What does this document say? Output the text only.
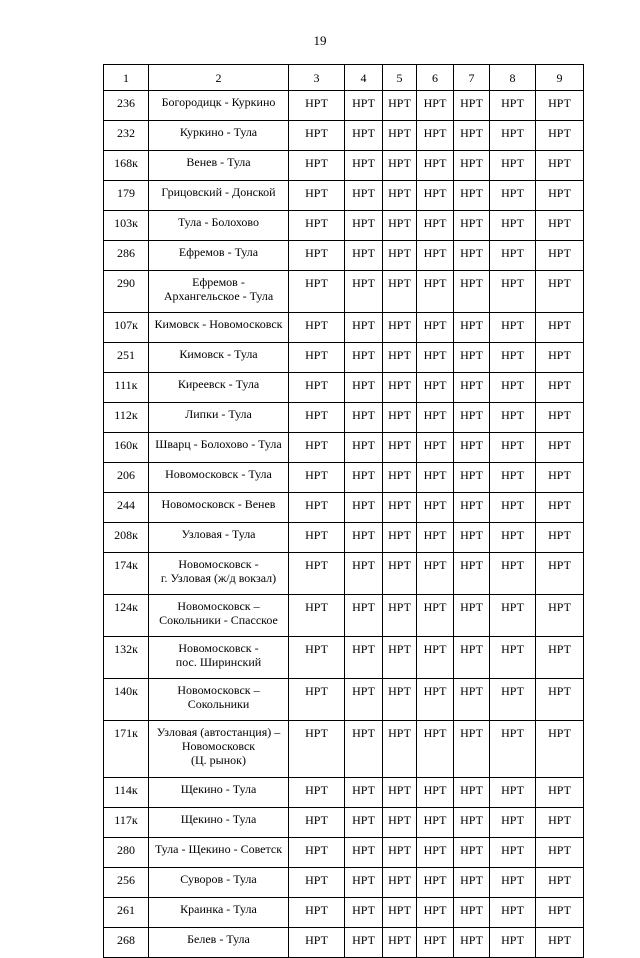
19
1	2	3	4	5	6	7	8	9
236	Богородицк - Куркино	НРТ	НРТ	НРТ	НРТ	НРТ	НРТ	НРТ
232	Куркино - Тула	НРТ	НРТ	НРТ	НРТ	НРТ	НРТ	НРТ
168к	Венев - Тула	НРТ	НРТ	НРТ	НРТ	НРТ	НРТ	НРТ
179	Грицовский - Донской	НРТ	НРТ	НРТ	НРТ	НРТ	НРТ	НРТ
103к	Тула - Болохово	НРТ	НРТ	НРТ	НРТ	НРТ	НРТ	НРТ
286	Ефремов - Тула	НРТ	НРТ	НРТ	НРТ	НРТ	НРТ	НРТ
290	Ефремов -
Архангельское - Тула	НРТ	НРТ	НРТ	НРТ	НРТ	НРТ	НРТ
107к	Кимовск - Новомосковск	НРТ	НРТ	НРТ	НРТ	НРТ	НРТ	НРТ
251	Кимовск - Тула	НРТ	НРТ	НРТ	НРТ	НРТ	НРТ	НРТ
111к	Киреевск - Тула	НРТ	НРТ	НРТ	НРТ	НРТ	НРТ	НРТ
112к	Липки - Тула	НРТ	НРТ	НРТ	НРТ	НРТ	НРТ	НРТ
160к	Шварц - Болохово - Тула	НРТ	НРТ	НРТ	НРТ	НРТ	НРТ	НРТ
206	Новомосковск - Тула	НРТ	НРТ	НРТ	НРТ	НРТ	НРТ	НРТ
244	Новомосковск - Венев	НРТ	НРТ	НРТ	НРТ	НРТ	НРТ	НРТ
208к	Узловая - Тула	НРТ	НРТ	НРТ	НРТ	НРТ	НРТ	НРТ
174к	Новомосковск -
г. Узловая (ж/д вокзал)	НРТ	НРТ	НРТ	НРТ	НРТ	НРТ	НРТ
124к	Новомосковск –
Сокольники - Спасское	НРТ	НРТ	НРТ	НРТ	НРТ	НРТ	НРТ
132к	Новомосковск -
пос. Ширинский	НРТ	НРТ	НРТ	НРТ	НРТ	НРТ	НРТ
140к	Новомосковск –
Сокольники	НРТ	НРТ	НРТ	НРТ	НРТ	НРТ	НРТ
171к	Узловая (автостанция) –
Новомосковск
(Ц. рынок)	НРТ	НРТ	НРТ	НРТ	НРТ	НРТ	НРТ
114к	Щекино - Тула	НРТ	НРТ	НРТ	НРТ	НРТ	НРТ	НРТ
117к	Щекино - Тула	НРТ	НРТ	НРТ	НРТ	НРТ	НРТ	НРТ
280	Тула - Щекино - Советск	НРТ	НРТ	НРТ	НРТ	НРТ	НРТ	НРТ
256	Суворов - Тула	НРТ	НРТ	НРТ	НРТ	НРТ	НРТ	НРТ
261	Краинка - Тула	НРТ	НРТ	НРТ	НРТ	НРТ	НРТ	НРТ
268	Белев - Тула	НРТ	НРТ	НРТ	НРТ	НРТ	НРТ	НРТ
